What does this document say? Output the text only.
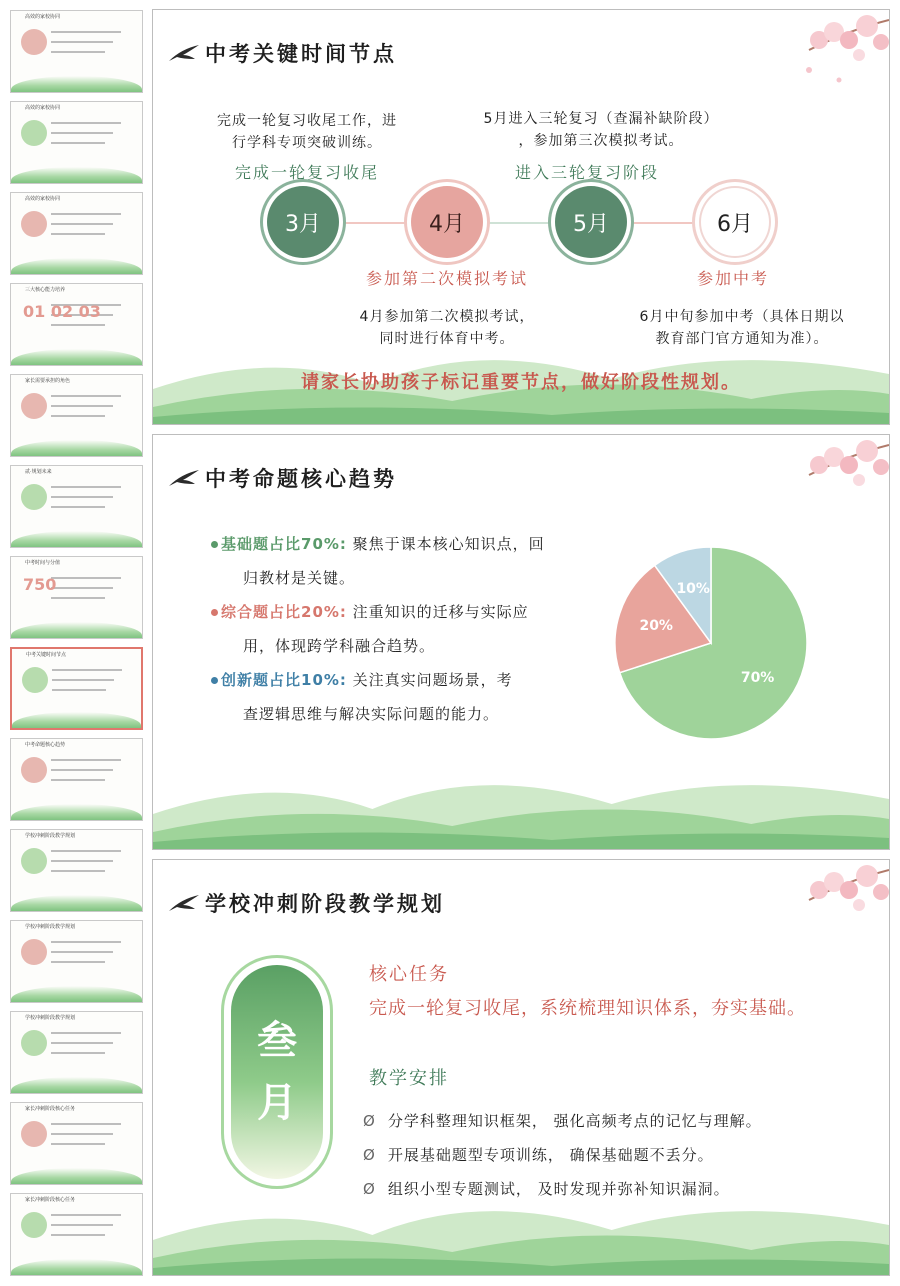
高效的家校协同
高效的家校协同
高效的家校协同
三大核心能力培养
01 02 03
家长需要承担的角色
贰·规划未来
中考时间与分值
750
中考关键时间节点
中考命题核心趋势
学校冲刺阶段教学规划
学校冲刺阶段教学规划
学校冲刺阶段教学规划
家长冲刺阶段核心任务
家长冲刺阶段核心任务
中考关键时间节点
完成一轮复习收尾工作，进
行学科专项突破训练。
5月进入三轮复习（查漏补缺阶段）
，参加第三次模拟考试。
完成一轮复习收尾	进入三轮复习阶段
3月	4月	5月	6月
参加第二次模拟考试	参加中考
4月参加第二次模拟考试，
同时进行体育中考。
6月中旬参加中考（具体日期以
教育部门官方通知为准）。
请家长协助孩子标记重要节点，做好阶段性规划。
中考命题核心趋势
基础题占比70%: 聚焦于课本核心知识点，回
归教材是关键。
综合题占比20%: 注重知识的迁移与实际应
用，体现跨学科融合趋势。
创新题占比10%: 关注真实问题场景，考
查逻辑思维与解决实际问题的能力。
70%
20%
10%
学校冲刺阶段教学规划
叁
月
核心任务
完成一轮复习收尾，系统梳理知识体系，夯实基础。
教学安排
Ø 分学科整理知识框架， 强化高频考点的记忆与理解。
Ø 开展基础题型专项训练， 确保基础题不丢分。
Ø 组织小型专题测试， 及时发现并弥补知识漏洞。
